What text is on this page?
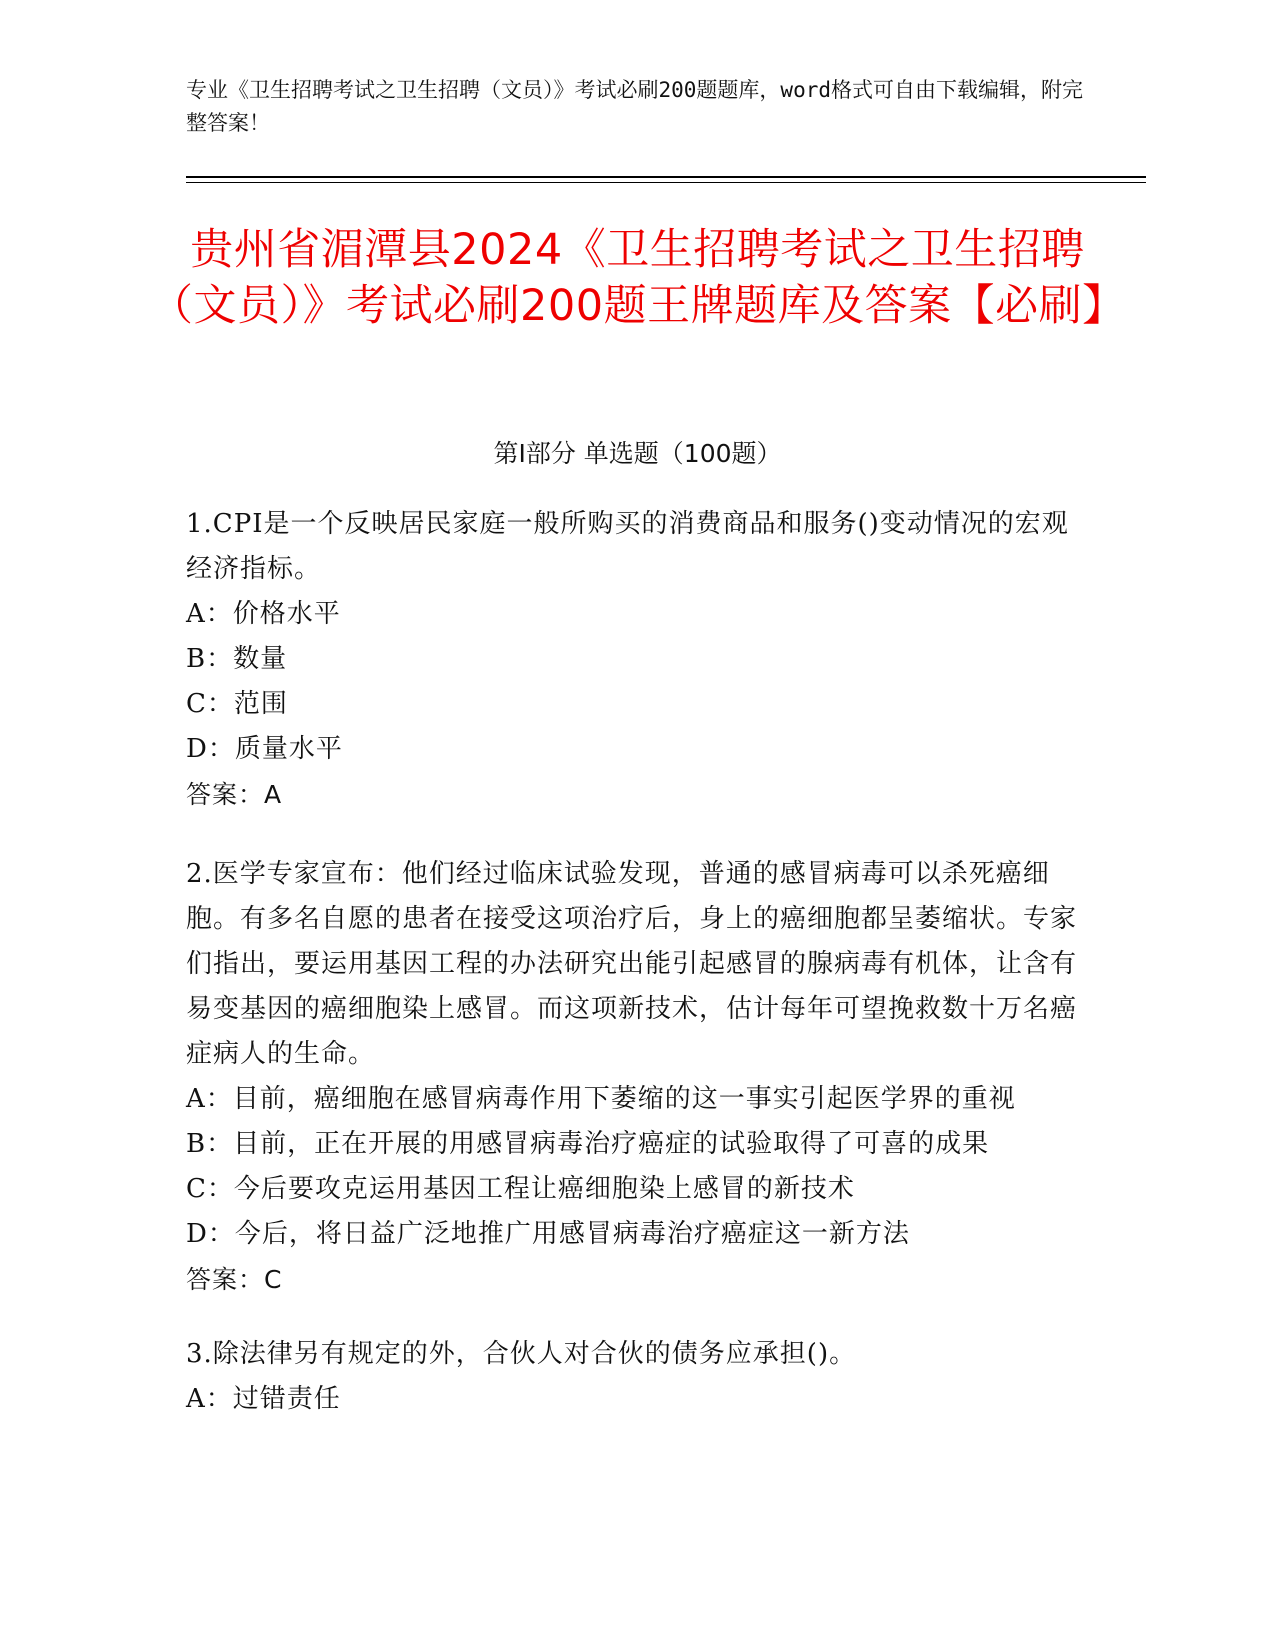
专业《卫生招聘考试之卫生招聘（文员）》考试必刷200题题库，word格式可自由下载编辑，附完整答案！
贵州省湄潭县2024《卫生招聘考试之卫生招聘（文员）》考试必刷200题王牌题库及答案【必刷】
第Ⅰ部分 单选题（100题）

1.CPI是一个反映居民家庭一般所购买的消费商品和服务()变动情况的宏观经济指标。

A：价格水平

B：数量

C：范围

D：质量水平

答案：A

2.医学专家宣布：他们经过临床试验发现，普通的感冒病毒可以杀死癌细胞。有多名自愿的患者在接受这项治疗后，身上的癌细胞都呈萎缩状。专家们指出，要运用基因工程的办法研究出能引起感冒的腺病毒有机体，让含有易变基因的癌细胞染上感冒。而这项新技术，估计每年可望挽救数十万名癌症病人的生命。

A：目前，癌细胞在感冒病毒作用下萎缩的这一事实引起医学界的重视

B：目前，正在开展的用感冒病毒治疗癌症的试验取得了可喜的成果

C：今后要攻克运用基因工程让癌细胞染上感冒的新技术

D：今后，将日益广泛地推广用感冒病毒治疗癌症这一新方法

答案：C

3.除法律另有规定的外，合伙人对合伙的债务应承担()。

A：过错责任
